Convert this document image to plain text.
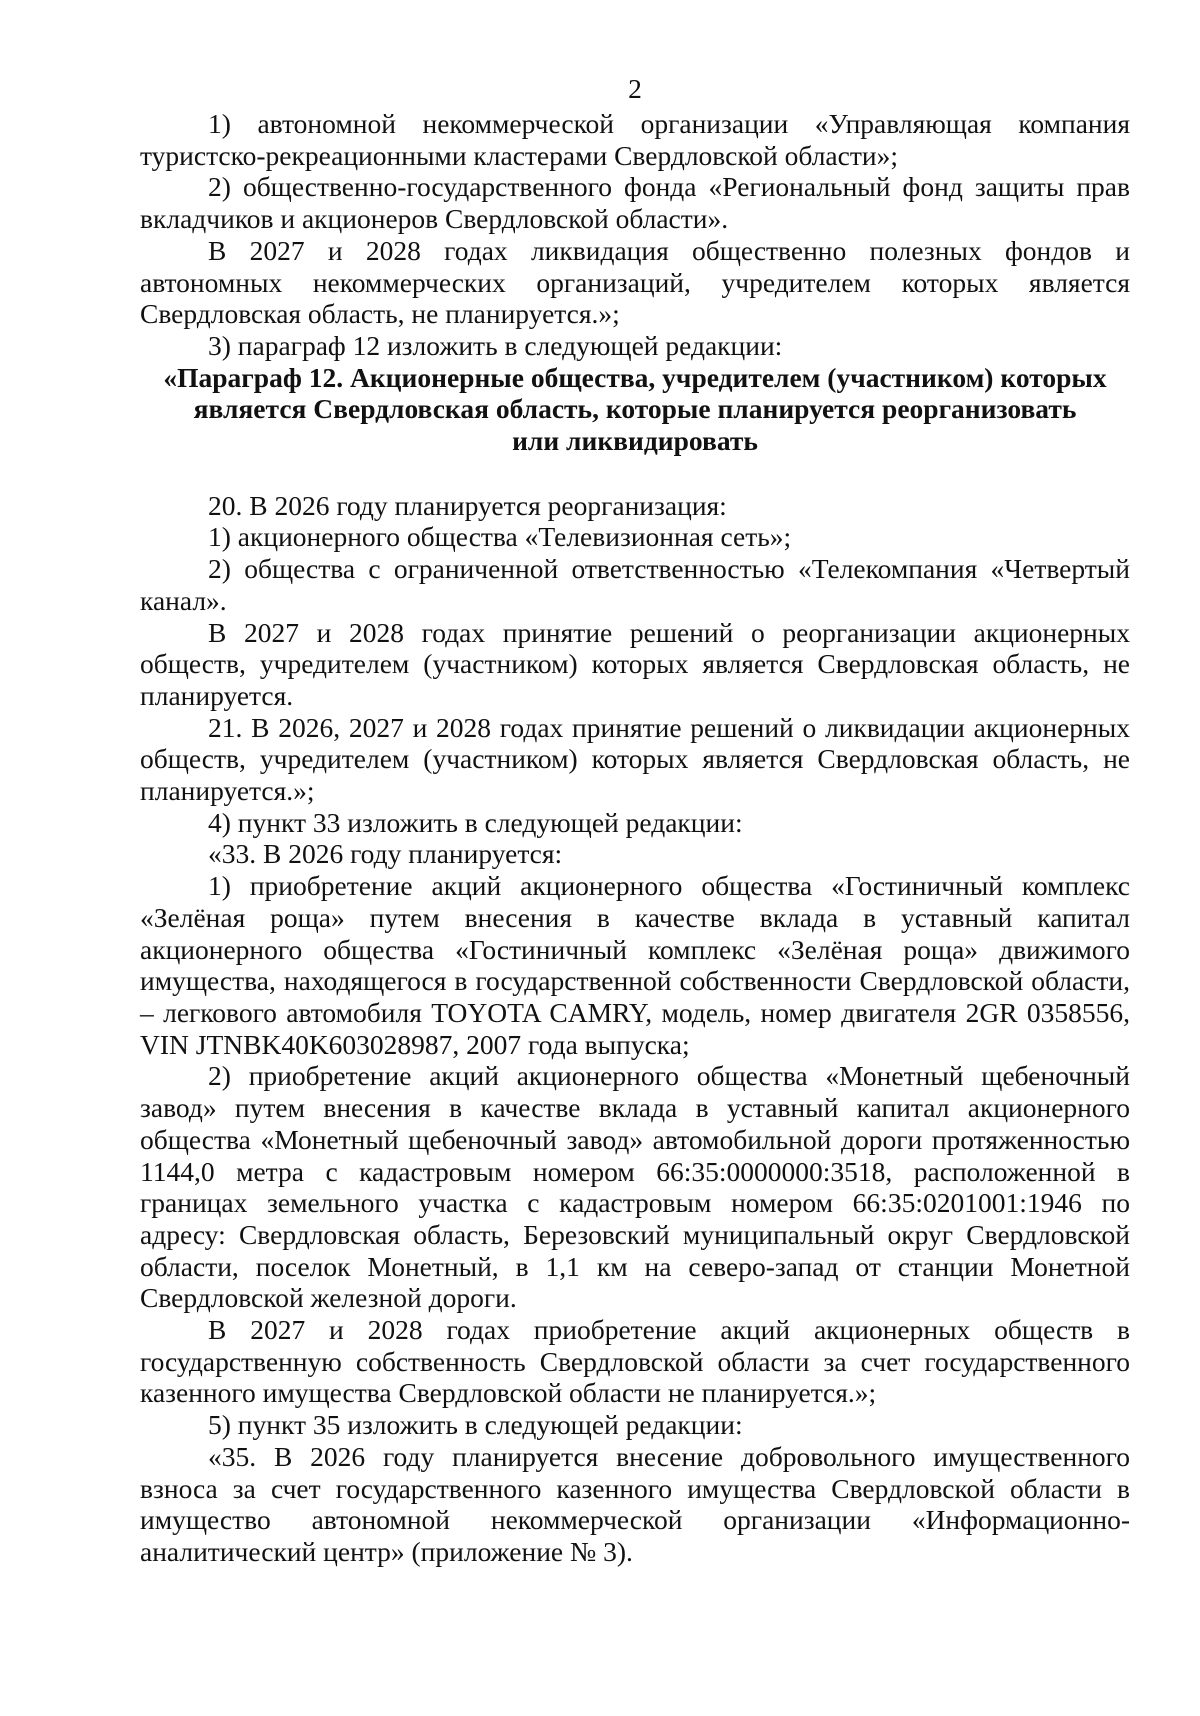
2

1) автономной некоммерческой организации «Управляющая компания туристско-рекреационными кластерами Свердловской области»;

2) общественно-государственного фонда «Региональный фонд защиты прав вкладчиков и акционеров Свердловской области».

В 2027 и 2028 годах ликвидация общественно полезных фондов и автономных некоммерческих организаций, учредителем которых является Свердловская область, не планируется.»;

3) параграф 12 изложить в следующей редакции:

«Параграф 12. Акционерные общества, учредителем (участником) которых
является Свердловская область, которые планируется реорганизовать
или ликвидировать

20. В 2026 году планируется реорганизация:

1) акционерного общества «Телевизионная сеть»;

2) общества с ограниченной ответственностью «Телекомпания «Четвертый канал».

В 2027 и 2028 годах принятие решений о реорганизации акционерных обществ, учредителем (участником) которых является Свердловская область, не планируется.

21. В 2026, 2027 и 2028 годах принятие решений о ликвидации акционерных обществ, учредителем (участником) которых является Свердловская область, не планируется.»;

4) пункт 33 изложить в следующей редакции:

«33. В 2026 году планируется:

1) приобретение акций акционерного общества «Гостиничный комплекс «Зелёная роща» путем внесения в качестве вклада в уставный капитал акционерного общества «Гостиничный комплекс «Зелёная роща» движимого имущества, находящегося в государственной собственности Свердловской области, – легкового автомобиля TOYOTA CAMRY, модель, номер двигателя 2GR 0358556, VIN JTNBK40K603028987, 2007 года выпуска;

2) приобретение акций акционерного общества «Монетный щебеночный завод» путем внесения в качестве вклада в уставный капитал акционерного общества «Монетный щебеночный завод» автомобильной дороги протяженностью 1144,0 метра с кадастровым номером 66:35:0000000:3518, расположенной в границах земельного участка с кадастровым номером 66:35:0201001:1946 по адресу: Свердловская область, Березовский муниципальный округ Свердловской области, поселок Монетный, в 1,1 км на северо-запад от станции Монетной Свердловской железной дороги.

В 2027 и 2028 годах приобретение акций акционерных обществ в государственную собственность Свердловской области за счет государственного казенного имущества Свердловской области не планируется.»;

5) пункт 35 изложить в следующей редакции:

«35. В 2026 году планируется внесение добровольного имущественного взноса за счет государственного казенного имущества Свердловской области в имущество автономной некоммерческой организации «Информационно-аналитический центр» (приложение № 3).
